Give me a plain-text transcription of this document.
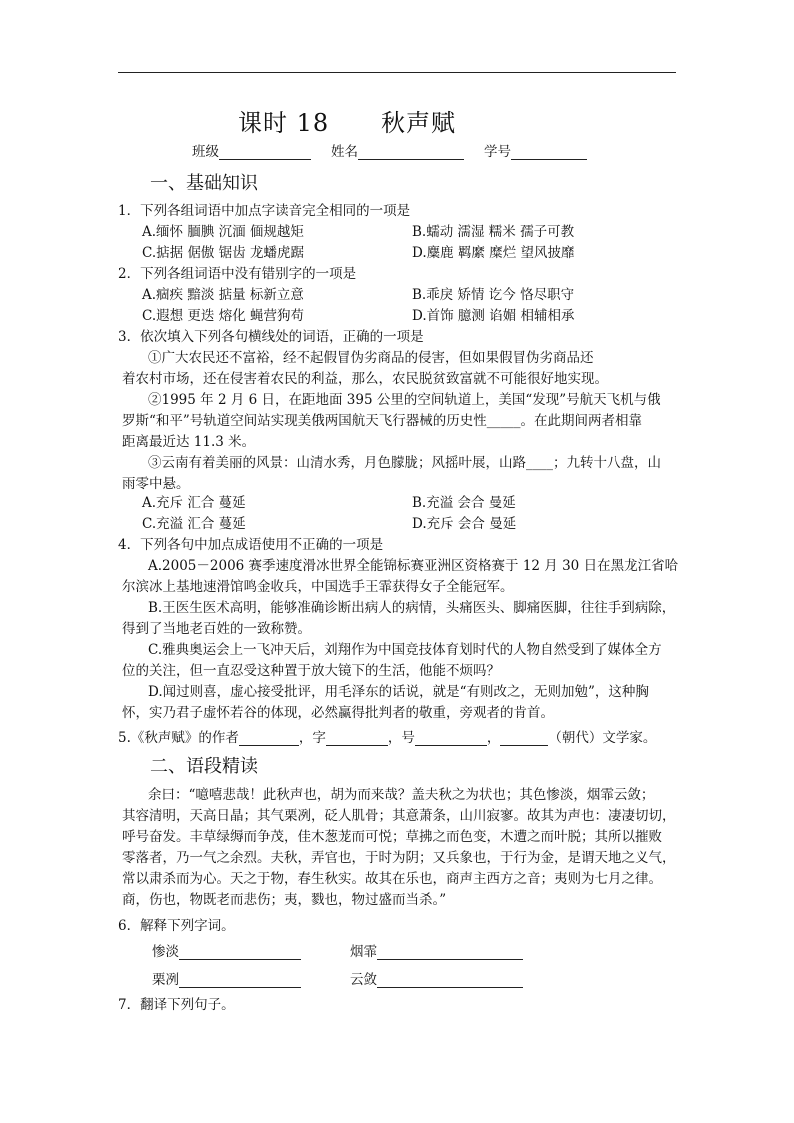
课时 18      秋声赋
班级	姓名	学号
一、基础知识
1．下列各组词语中加点字读音完全相同的一项是
A.缅怀 腼腆 沉湎 偭规越矩	B.蠕动 濡湿 糯米 孺子可教
C.掂据 倨傲 锯齿 龙蟠虎踞	D.麋鹿 羁縻 糜烂 望风披靡
2．下列各组词语中没有错别字的一项是
A.痼疾 黯淡 掂量 标新立意	B.乖戾 矫情 讫今 恪尽职守
C.遐想 更迭 熔化 蝇营狗苟	D.首饰 臆测 谄媚 相辅相承
3．依次填入下列各句横线处的词语，正确的一项是
①广大农民还不富裕，经不起假冒伪劣商品的侵害，但如果假冒伪劣商品还
着农村市场，还在侵害着农民的利益，那么，农民脱贫致富就不可能很好地实现。
②1995 年 2 月 6 日，在距地面 395 公里的空间轨道上，美国“发现”号航天飞机与俄
罗斯“和平”号轨道空间站实现美俄两国航天飞行器械的历史性_____。在此期间两者相靠
距离最近达 11.3 米。
③云南有着美丽的风景：山清水秀，月色朦胧；风摇叶展，山路____；九转十八盘，山
雨零中悬。
A.充斥 汇合 蔓延	B.充溢 会合 曼延
C.充溢 汇合 蔓延	D.充斥 会合 曼延
4．下列各句中加点成语使用不正确的一项是
A.2005－2006 赛季速度滑冰世界全能锦标赛亚洲区资格赛于 12 月 30 日在黑龙江省哈
尔滨冰上基地速滑馆鸣金收兵，中国选手王霏获得女子全能冠军。
B.王医生医术高明，能够准确诊断出病人的病情，头痛医头、脚痛医脚，往往手到病除，
得到了当地老百姓的一致称赞。
C.雅典奥运会上一飞冲天后，刘翔作为中国竞技体育划时代的人物自然受到了媒体全方
位的关注，但一直忍受这种置于放大镜下的生活，他能不烦吗？
D.闻过则喜，虚心接受批评，用毛泽东的话说，就是“有则改之，无则加勉”，这种胸
怀，实乃君子虚怀若谷的体现，必然赢得批判者的敬重，旁观者的肯首。
5.《秋声赋》的作者	，字	，号	，	（朝代）文学家。
二、语段精读
余曰：“噫嘻悲哉！此秋声也，胡为而来哉？盖夫秋之为状也；其色惨淡，烟霏云敛；
其容清明，天高日晶；其气栗冽，砭人肌骨；其意萧条，山川寂寥。故其为声也：凄凄切切，
呼号奋发。丰草绿缛而争茂，佳木葱茏而可悦；草拂之而色变，木遭之而叶脱；其所以摧败
零落者，乃一气之余烈。夫秋，弄官也，于时为阴；又兵象也，于行为金，是谓天地之义气，
常以肃杀而为心。天之于物，春生秋实。故其在乐也，商声主西方之音；夷则为七月之律。
商，伤也，物既老而悲伤；夷，戮也，物过盛而当杀。”
6．解释下列字词。
惨淡	烟霏
栗冽	云敛
7．翻译下列句子。
